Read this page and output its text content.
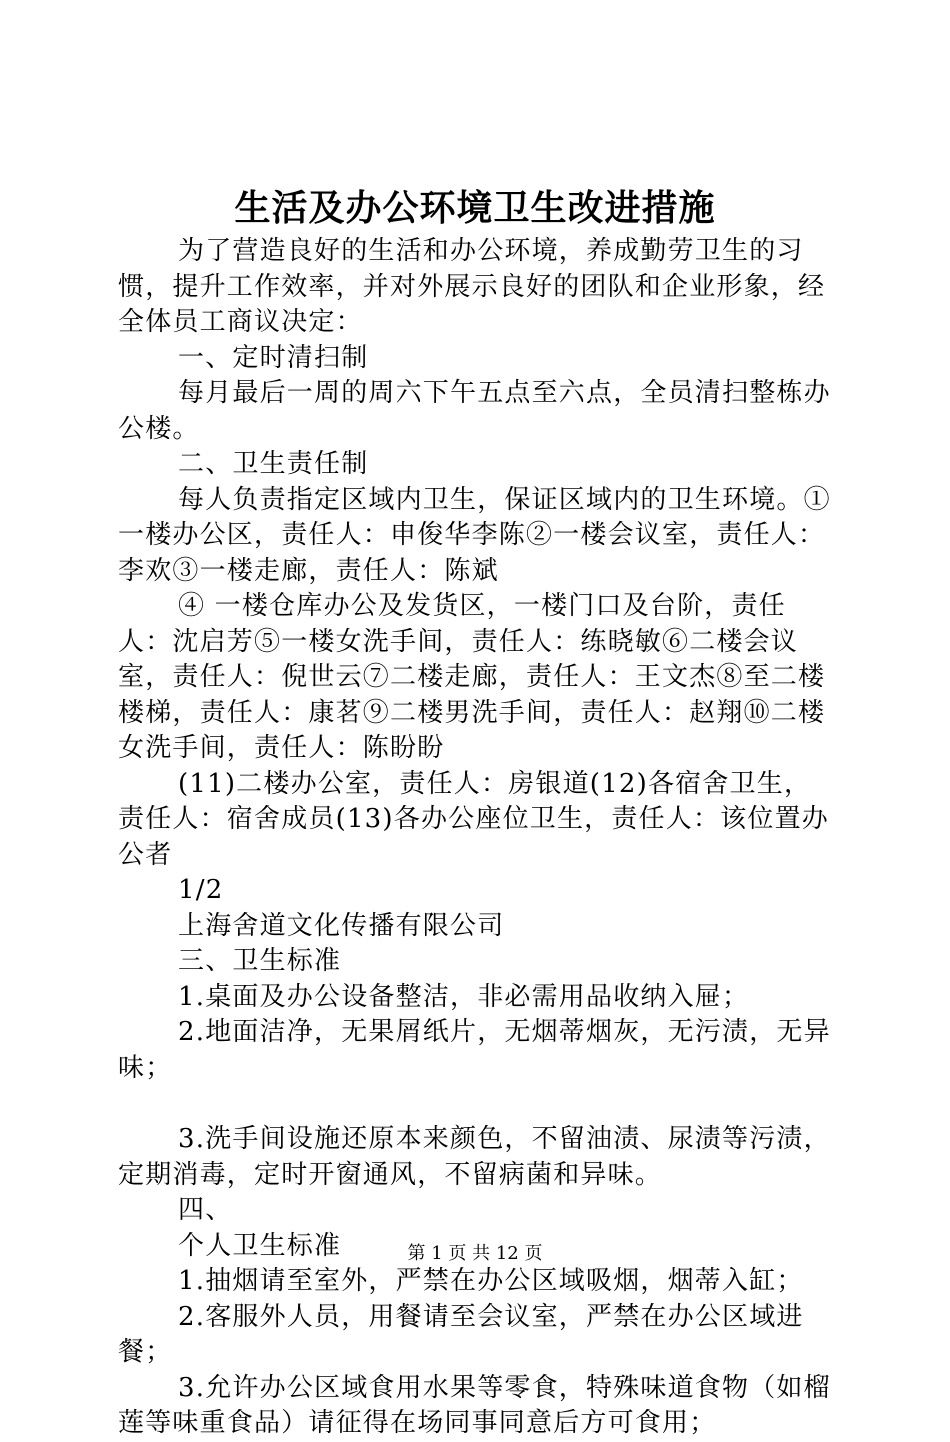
生活及办公环境卫生改进措施

为了营造良好的生活和办公环境，养成勤劳卫生的习惯，提升工作效率，并对外展示良好的团队和企业形象，经全体员工商议决定：

一、定时清扫制

每月最后一周的周六下午五点至六点，全员清扫整栋办公楼。

二、卫生责任制

每人负责指定区域内卫生，保证区域内的卫生环境。①一楼办公区，责任人：申俊华李陈②一楼会议室，责任人：李欢③一楼走廊，责任人：陈斌

④ 一楼仓库办公及发货区，一楼门口及台阶，责任人：沈启芳⑤一楼女洗手间，责任人：练晓敏⑥二楼会议室，责任人：倪世云⑦二楼走廊，责任人：王文杰⑧至二楼楼梯，责任人：康茗⑨二楼男洗手间，责任人：赵翔⑩二楼女洗手间，责任人：陈盼盼

(11)二楼办公室，责任人：房银道(12)各宿舍卫生，责任人：宿舍成员(13)各办公座位卫生，责任人：该位置办公者

1/2

上海舍道文化传播有限公司

三、卫生标准

1.桌面及办公设备整洁，非必需用品收纳入屉；

2.地面洁净，无果屑纸片，无烟蒂烟灰，无污渍，无异味；

3.洗手间设施还原本来颜色，不留油渍、尿渍等污渍，定期消毒，定时开窗通风，不留病菌和异味。

四、

个人卫生标准

1.抽烟请至室外，严禁在办公区域吸烟，烟蒂入缸；

2.客服外人员，用餐请至会议室，严禁在办公区域进餐；

3.允许办公区域食用水果等零食，特殊味道食物（如榴莲等味重食品）请征得在场同事同意后方可食用；

第 1 页 共 12 页
